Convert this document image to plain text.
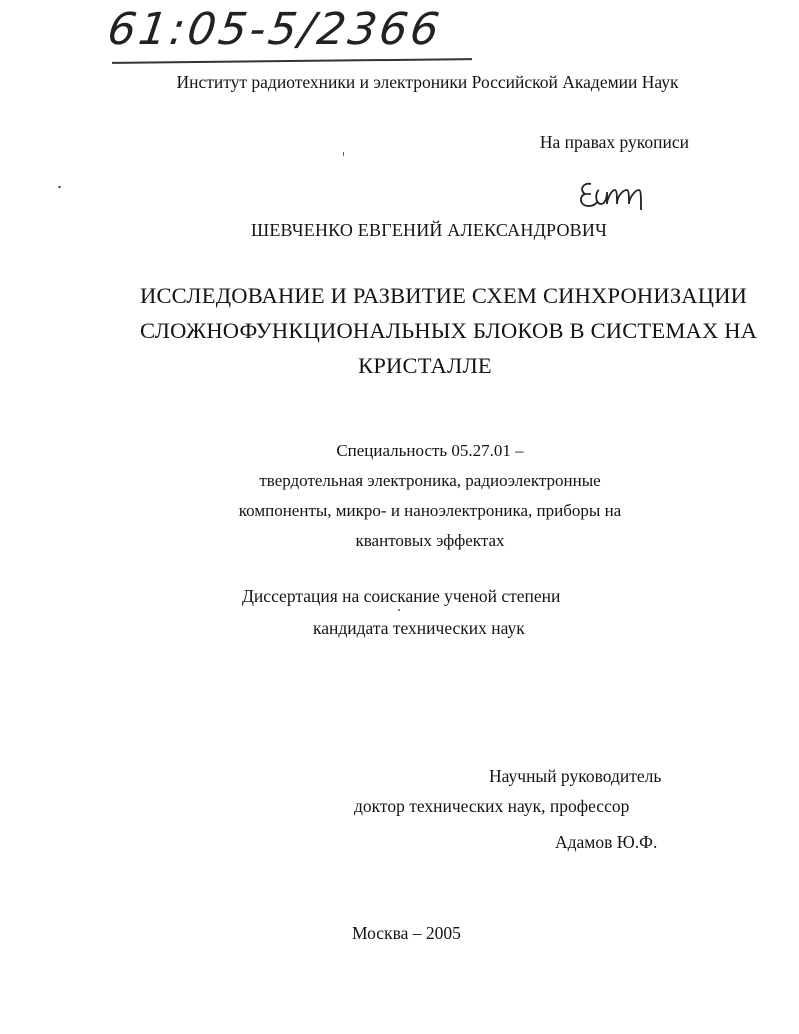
61:05-5/2366
Институт радиотехники и электроники Российской Академии Наук
На правах рукописи
ШЕВЧЕНКО ЕВГЕНИЙ АЛЕКСАНДРОВИЧ
ИССЛЕДОВАНИЕ И РАЗВИТИЕ СХЕМ СИНХРОНИЗАЦИИ
СЛОЖНОФУНКЦИОНАЛЬНЫХ БЛОКОВ В СИСТЕМАХ НА
КРИСТАЛЛЕ
Специальность 05.27.01 –
твердотельная электроника, радиоэлектронные
компоненты, микро- и наноэлектроника, приборы на
квантовых эффектах
Диссертация на соискание ученой степени
кандидата технических наук
Научный руководитель
доктор технических наук, профессор
Адамов Ю.Ф.
Москва – 2005
